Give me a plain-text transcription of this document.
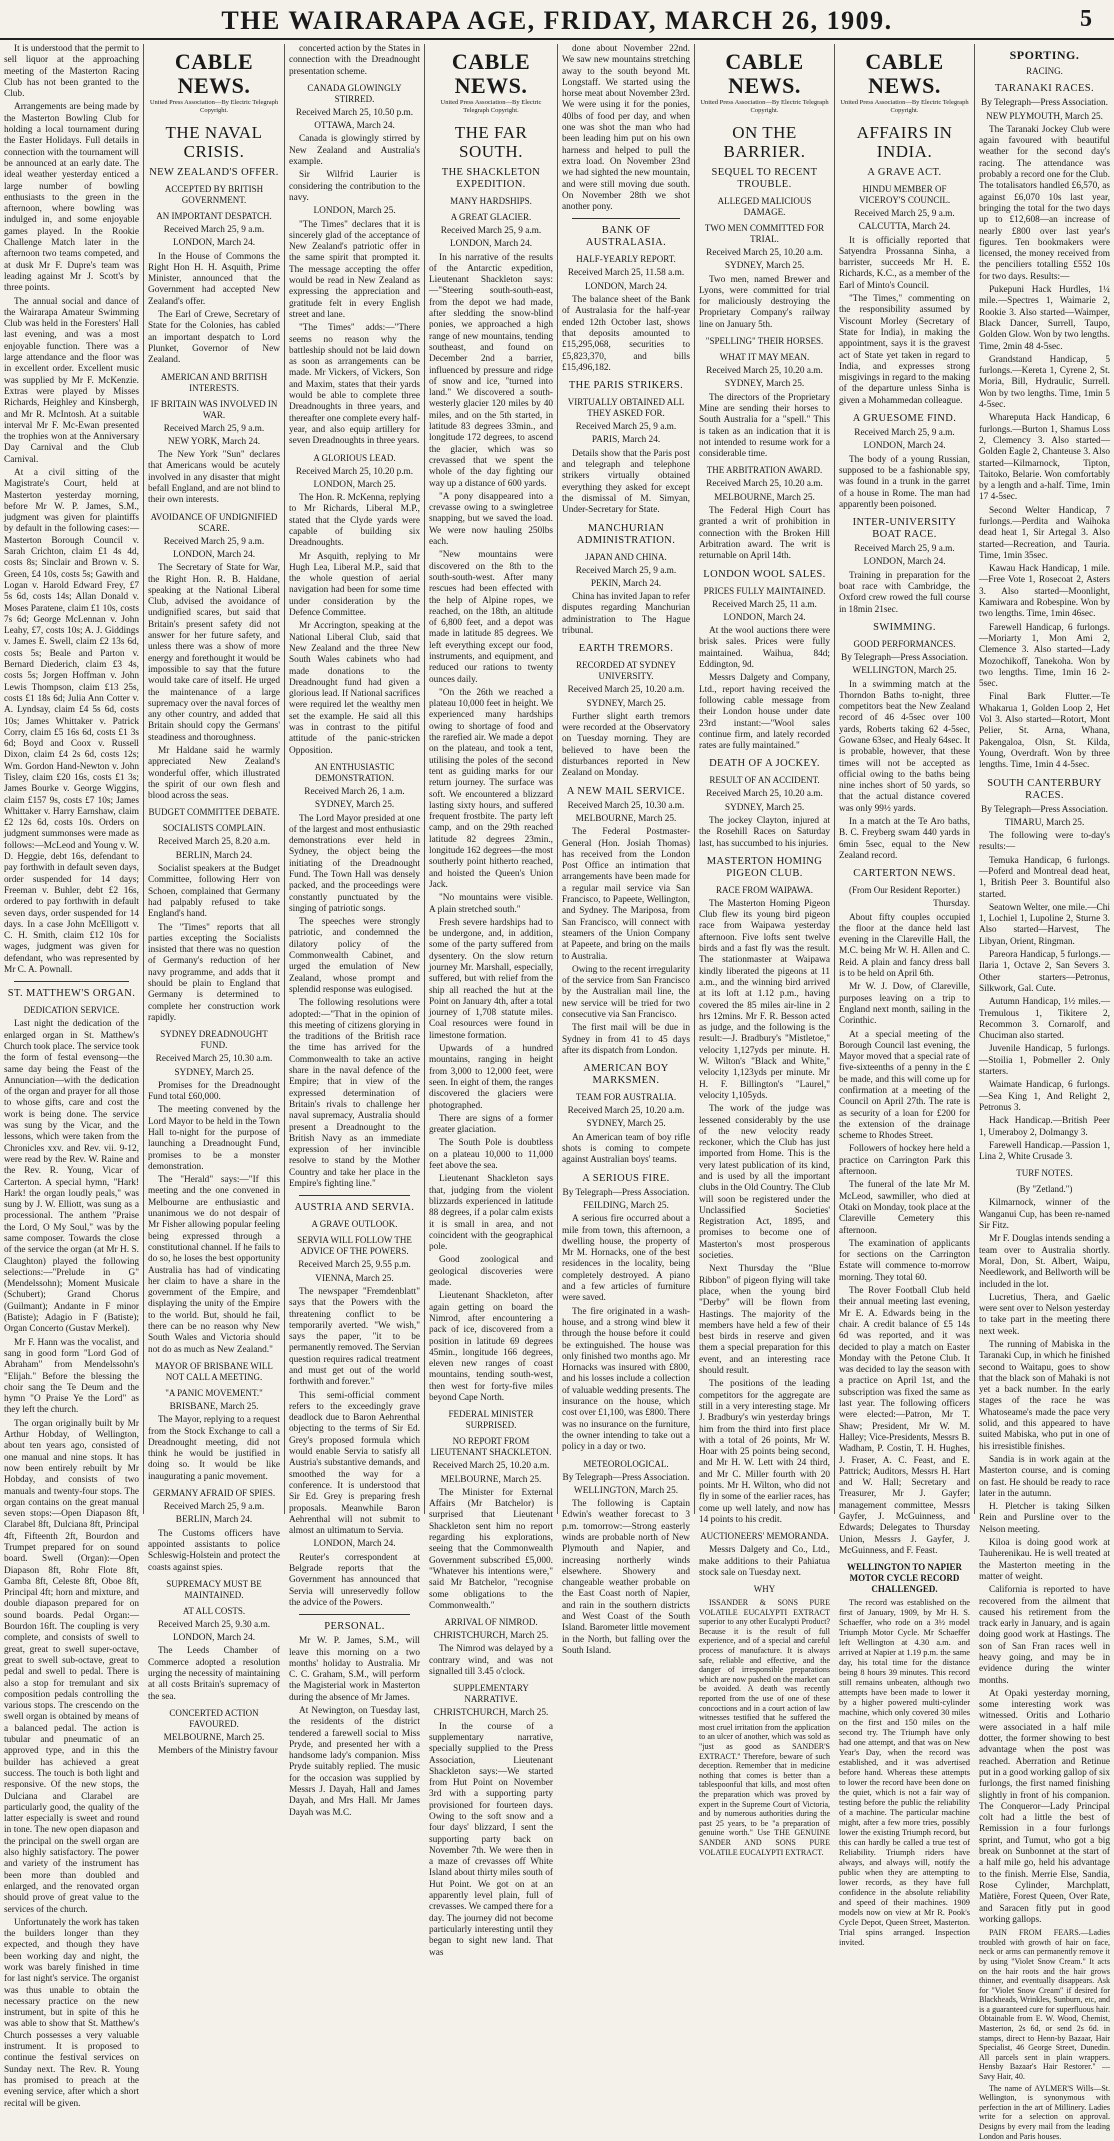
THE WAIRARAPA AGE, FRIDAY, MARCH 26, 1909.	5

It is understood that the permit to sell liquor at the approaching meeting of the Masterton Racing Club has not been granted to the Club.

Arrangements are being made by the Masterton Bowling Club for holding a local tournament during the Easter Holidays. Full details in connection with the tournament will be announced at an early date. The ideal weather yesterday enticed a large number of bowling enthusiasts to the green in the afternoon, where bowling was indulged in, and some enjoyable games played. In the Rookie Challenge Match later in the afternoon two teams competed, and at dusk Mr F. Dupre's team was leading against Mr J. Scott's by three points.

The annual social and dance of the Wairarapa Amateur Swimming Club was held in the Foresters' Hall last evening, and was a most enjoyable function. There was a large attendance and the floor was in excellent order. Excellent music was supplied by Mr F. McKenzie. Extras were played by Misses Richards, Heighley and Kinsbergh, and Mr R. McIntosh. At a suitable interval Mr F. Mc-Ewan presented the trophies won at the Anniversary Day Carnival and the Club Carnival.

At a civil sitting of the Magistrate's Court, held at Masterton yesterday morning, before Mr W. P. James, S.M., judgment was given for plaintiffs by default in the following cases:—Masterton Borough Council v. Sarah Crichton, claim £1 4s 4d, costs 8s; Sinclair and Brown v. S. Green, £4 10s, costs 5s; Gawith and Logan v. Harold Edward Frey, £7 5s 6d, costs 14s; Allan Donald v. Moses Paratene, claim £1 10s, costs 7s 6d; George McLennan v. John Leahy, £7, costs 10s; A. J. Giddings v. James E. Swell, claim £2 13s 6d, costs 5s; Beale and Parton v. Bernard Diederich, claim £3 4s, costs 5s; Jorgen Hoffman v. John Lewis Thompson, claim £13 25s, costs £1 18s 6d; Julia Ann Cotter v. A. Lyndsay, claim £4 5s 6d, costs 10s; James Whittaker v. Patrick Corry, claim £5 16s 6d, costs £1 3s 6d; Boyd and Coox v. Russell Dixon, claim £4 2s 6d, costs 12s; Wm. Gordon Hand-Newton v. John Tisley, claim £20 16s, costs £1 3s; James Bourke v. George Wiggins, claim £157 9s, costs £7 10s; James Whittaker v. Harry Earnshaw, claim £2 12s 6d, costs 10s. Orders on judgment summonses were made as follows:—McLeod and Young v. W. D. Heggie, debt 16s, defendant to pay forthwith in default seven days, order suspended for 14 days; Freeman v. Buhler, debt £2 16s, ordered to pay forthwith in default seven days, order suspended for 14 days. In a case John McElligott v. C. H. Smith, claim £12 10s for wages, judgment was given for defendant, who was represented by Mr C. A. Pownall.

ST. MATTHEW'S ORGAN.
DEDICATION SERVICE.

Last night the dedication of the enlarged organ in St. Matthew's Church took place. The service took the form of festal evensong—the same day being the Feast of the Annunciation—with the dedication of the organ and prayer for all those to whose gifts, care and cost the work is being done. The service was sung by the Vicar, and the lessons, which were taken from the Chronicles xxv. and Rev. vii. 9-12, were read by the Rev. W. Raine and the Rev. R. Young, Vicar of Carterton. A special hymn, "Hark! Hark! the organ loudly peals," was sung by J. W. Elliott, was sung as a processional. The anthem "Praise the Lord, O My Soul," was by the same composer. Towards the close of the service the organ (at Mr H. S. Claughton) played the following selections:—"Prelude in G" (Mendelssohn); Moment Musicale (Schubert); Grand Chorus (Guilmant); Andante in F minor (Batiste); Adagio in F (Batiste); Organ Concerto (Gustav Merkel).

Mr F. Hann was the vocalist, and sang in good form "Lord God of Abraham" from Mendelssohn's "Elijah." Before the blessing the choir sang the Te Deum and the hymn "O Praise Ye the Lord" as they left the church.

The organ originally built by Mr Arthur Hobday, of Wellington, about ten years ago, consisted of one manual and nine stops. It has now been entirely rebuilt by Mr Hobday, and consists of two manuals and twenty-four stops. The organ contains on the great manual seven stops:—Open Diapason 8ft, Clarabel 8ft, Dulciana 8ft, Principal 4ft, Fifteenth 2ft, Bourdon and Trumpet prepared for on sound board. Swell (Organ):—Open Diapason 8ft, Rohr Flote 8ft, Gamba 8ft, Celeste 8ft, Oboe 8ft, Principal 4ft; horn and mixture, and double diapason prepared for on sound boards. Pedal Organ:—Bourdon 16ft. The coupling is very complete, and consists of swell to great, great to swell super-octave, great to swell sub-octave, great to pedal and swell to pedal. There is also a stop for tremulant and six composition pedals controlling the various stops. The crescendo on the swell organ is obtained by means of a balanced pedal. The action is tubular and pneumatic of an approved type, and in this the builder has achieved a great success. The touch is both light and responsive. Of the new stops, the Dulciana and Clarabel are particularly good, the quality of the latter especially is sweet and round in tone. The new open diapason and the principal on the swell organ are also highly satisfactory. The power and variety of the instrument has been more than doubled and enlarged, and the renovated organ should prove of great value to the services of the church.

Unfortunately the work has taken the builders longer than they expected, and though they have been working day and night, the work was barely finished in time for last night's service. The organist was thus unable to obtain the necessary practice on the new instrument, but in spite of this he was able to show that St. Matthew's Church possesses a very valuable instrument. It is proposed to continue the festival services on Sunday next. The Rev. R. Young has promised to preach at the evening service, after which a short recital will be given.

CABLE NEWS.
United Press Association—By Electric Telegraph Copyright.
THE NAVAL CRISIS.
NEW ZEALAND'S OFFER.
ACCEPTED BY BRITISH GOVERNMENT.
AN IMPORTANT DESPATCH.

Received March 25, 9 a.m.

LONDON, March 24.

In the House of Commons the Right Hon H. H. Asquith, Prime Minister, announced that the Government had accepted New Zealand's offer.

The Earl of Crewe, Secretary of State for the Colonies, has cabled an important despatch to Lord Plunket, Governor of New Zealand.

AMERICAN AND BRITISH INTERESTS.
IF BRITAIN WAS INVOLVED IN WAR.

Received March 25, 9 a.m.

NEW YORK, March 24.

The New York "Sun" declares that Americans would be acutely involved in any disaster that might befall England, and are not blind to their own interests.

AVOIDANCE OF UNDIGNIFIED SCARE.

Received March 25, 9 a.m.

LONDON, March 24.

The Secretary of State for War, the Right Hon. R. B. Haldane, speaking at the National Liberal Club, advised the avoidance of undignified scares, but said that Britain's present safety did not answer for her future safety, and unless there was a show of more energy and forethought it would be impossible to say that the future would take care of itself. He urged the maintenance of a large supremacy over the naval forces of any other country, and added that Britain should copy the Germans' steadiness and thoroughness.

Mr Haldane said he warmly appreciated New Zealand's wonderful offer, which illustrated the spirit of our own flesh and blood across the seas.

BUDGET COMMITTEE DEBATE.
SOCIALISTS COMPLAIN.

Received March 25, 8.20 a.m.

BERLIN, March 24.

Socialist speakers at the Budget Committee, following Herr von Schoen, complained that Germany had palpably refused to take England's hand.

The "Times" reports that all parties excepting the Socialists insisted that there was no question of Germany's reduction of her navy programme, and adds that it should be plain to England that Germany is determined to complete her construction work rapidly.

SYDNEY DREADNOUGHT FUND.

Received March 25, 10.30 a.m.

SYDNEY, March 25.

Promises for the Dreadnought Fund total £60,000.

The meeting convened by the Lord Mayor to be held in the Town Hall to-night for the purpose of launching a Dreadnought Fund, promises to be a monster demonstration.

The "Herald" says:—"If this meeting and the one convened in Melbourne are enthusiastic and unanimous we do not despair of Mr Fisher allowing popular feeling being expressed through a constitutional channel. If he fails to do so, he loses the best opportunity Australia has had of vindicating her claim to have a share in the government of the Empire, and displaying the unity of the Empire to the world. But, should he fail, there can be no reason why New South Wales and Victoria should not do as much as New Zealand."

MAYOR OF BRISBANE WILL NOT CALL A MEETING.
"A PANIC MOVEMENT."

BRISBANE, March 25.

The Mayor, replying to a request from the Stock Exchange to call a Dreadnought meeting, did not think he would be justified in doing so. It would be like inaugurating a panic movement.

GERMANY AFRAID OF SPIES.

Received March 25, 9 a.m.

BERLIN, March 24.

The Customs officers have appointed assistants to police Schleswig-Holstein and protect the coasts against spies.

SUPREMACY MUST BE MAINTAINED.
AT ALL COSTS.

Received March 25, 9.30 a.m.

LONDON, March 24.

The Leeds Chamber of Commerce adopted a resolution urging the necessity of maintaining at all costs Britain's supremacy of the sea.

CONCERTED ACTION FAVOURED.

MELBOURNE, March 25.

Members of the Ministry favour

concerted action by the States in connection with the Dreadnought presentation scheme.

CANADA GLOWINGLY STIRRED.

Received March 25, 10.50 p.m.

OTTAWA, March 24.

Canada is glowingly stirred by New Zealand and Australia's example.

Sir Wilfrid Laurier is considering the contribution to the navy.

LONDON, March 25.

"The Times" declares that it is sincerely glad of the acceptance of New Zealand's patriotic offer in the same spirit that prompted it. The message accepting the offer would be read in New Zealand as expressing the appreciation and gratitude felt in every English street and lane.

"The Times" adds:—"There seems no reason why the battleship should not be laid down as soon as arrangements can be made. Mr Vickers, of Vickers, Son and Maxim, states that their yards would be able to complete three Dreadnoughts in three years, and thereafter one complete every half-year, and also equip artillery for seven Dreadnoughts in three years.

A GLORIOUS LEAD.

Received March 25, 10.20 p.m.

LONDON, March 25.

The Hon. R. McKenna, replying to Mr Richards, Liberal M.P., stated that the Clyde yards were capable of building six Dreadnoughts.

Mr Asquith, replying to Mr Hugh Lea, Liberal M.P., said that the whole question of aerial navigation had been for some time under consideration by the Defence Committee.

Mr Accrington, speaking at the National Liberal Club, said that New Zealand and the three New South Wales cabinets who had made donations to the Dreadnought fund had given a glorious lead. If National sacrifices were required let the wealthy men set the example. He said all this was in contrast to the pitiful attitude of the panic-stricken Opposition.

AN ENTHUSIASTIC DEMONSTRATION.

Received March 26, 1 a.m.

SYDNEY, March 25.

The Lord Mayor presided at one of the largest and most enthusiastic demonstrations ever held in Sydney, the object being the initiating of the Dreadnought Fund. The Town Hall was densely packed, and the proceedings were constantly punctuated by the singing of patriotic songs.

The speeches were strongly patriotic, and condemned the dilatory policy of the Commonwealth Cabinet, and urged the emulation of New Zealand, whose prompt and splendid response was eulogised.

The following resolutions were adopted:—"That in the opinion of this meeting of citizens glorying in the traditions of the British race the time has arrived for the Commonwealth to take an active share in the naval defence of the Empire; that in view of the expressed determination of Britain's rivals to challenge her naval supremacy, Australia should present a Dreadnought to the British Navy as an immediate expression of her invincible resolve to stand by the Mother Country and take her place in the Empire's fighting line."

AUSTRIA AND SERVIA.
A GRAVE OUTLOOK.
SERVIA WILL FOLLOW THE ADVICE OF THE POWERS.

Received March 25, 9.55 p.m.

VIENNA, March 25.

The newspaper "Fremdenblatt" says that the Powers with the threatening conflict to be temporarily averted. "We wish," says the paper, "it to be permanently removed. The Servian question requires radical treatment and must get out of the world forthwith and forever."

This semi-official comment refers to the exceedingly grave deadlock due to Baron Aehrenthal objecting to the terms of Sir Ed. Grey's proposed formula which would enable Servia to satisfy all Austria's substantive demands, and smoothed the way for a conference. It is understood that Sir Ed. Grey is preparing fresh proposals. Meanwhile Baron Aehrenthal will not submit to almost an ultimatum to Servia.

LONDON, March 24.

Reuter's correspondent at Belgrade reports that the Government has announced that Servia will unreservedly follow the advice of the Powers.

PERSONAL.

Mr W. P. James, S.M., will leave this morning on a two months' holiday to Australia. Mr C. C. Graham, S.M., will perform the Magisterial work in Masterton during the absence of Mr James.

At Newington, on Tuesday last, the residents of the district tendered a farewell social to Miss Pryde, and presented her with a handsome lady's companion. Miss Pryde suitably replied. The music for the occasion was supplied by Messrs J. Dayah, Hall and James Dayah, and Mrs Hall. Mr James Dayah was M.C.

CABLE NEWS.
United Press Association—By Electric Telegraph Copyright.
THE FAR SOUTH.
THE SHACKLETON EXPEDITION.
MANY HARDSHIPS.
A GREAT GLACIER.

Received March 25, 9 a.m.

LONDON, March 24.

In his narrative of the results of the Antarctic expedition, Lieutenant Shackleton says:—"Steering south-south-east, from the depot we had made, after sledding the snow-blind ponies, we approached a high range of new mountains, tending southeast, and found on December 2nd a barrier, influenced by pressure and ridge of snow and ice, "turned into land." We discovered a south-westerly glacier 120 miles by 40 miles, and on the 5th started, in latitude 83 degrees 33min., and longitude 172 degrees, to ascend the glacier, which was so crevassed that we spent the whole of the day fighting our way up a distance of 600 yards.

"A pony disappeared into a crevasse owing to a swingletree snapping, but we saved the load. We were now hauling 250lbs each.

"New mountains were discovered on the 8th to the south-south-west. After many rescues had been effected with the help of Alpine ropes, we reached, on the 18th, an altitude of 6,800 feet, and a depot was made in latitude 85 degrees. We left everything except our food, instruments, and equipment, and reduced our rations to twenty ounces daily.

"On the 26th we reached a plateau 10,000 feet in height. We experienced many hardships owing to shortage of food and the rarefied air. We made a depot on the plateau, and took a tent, utilising the poles of the second tent as guiding marks for our return journey. The surface was soft. We encountered a blizzard lasting sixty hours, and suffered frequent frostbite. The party left camp, and on the 29th reached latitude 82 degrees 23min., longitude 162 degrees—the most southerly point hitherto reached, and hoisted the Queen's Union Jack.

"No mountains were visible. A plain stretched south."

Fresh severe hardships had to be undergone, and, in addition, some of the party suffered from dysentery. On the slow return journey Mr. Marshall, especially, suffered, but with relief from the ship all reached the hut at the Point on January 4th, after a total journey of 1,708 statute miles. Coal resources were found in limestone formation.

Upwards of a hundred mountains, ranging in height from 3,000 to 12,000 feet, were seen. In eight of them, the ranges discovered the glaciers were photographed.

There are signs of a former greater glaciation.

The South Pole is doubtless on a plateau 10,000 to 11,000 feet above the sea.

Lieutenant Shackleton says that, judging from the violent blizzards experienced in latitude 88 degrees, if a polar calm exists it is small in area, and not coincident with the geographical pole.

Good zoological and geological discoveries were made.

Lieutenant Shackleton, after again getting on board the Nimrod, after encountering a pack of ice, discovered from a position in latitude 69 degrees 45min., longitude 166 degrees, eleven new ranges of coast mountains, tending south-west, then west for forty-five miles beyond Cape North.

FEDERAL MINISTER SURPRISED.
NO REPORT FROM LIEUTENANT SHACKLETON.

Received March 25, 10.20 a.m.

MELBOURNE, March 25.

The Minister for External Affairs (Mr Batchelor) is surprised that Lieutenant Shackleton sent him no report regarding his explorations, seeing that the Commonwealth Government subscribed £5,000. "Whatever his intentions were," said Mr Batchelor, "recognise some obligations to the Commonwealth."

ARRIVAL OF NIMROD.

CHRISTCHURCH, March 25.

The Nimrod was delayed by a contrary wind, and was not signalled till 3.45 o'clock.

SUPPLEMENTARY NARRATIVE.

CHRISTCHURCH, March 25.

In the course of a supplementary narrative, specially supplied to the Press Association, Lieutenant Shackleton says:—We started from Hut Point on November 3rd with a supporting party provisioned for fourteen days. Owing to the soft snow and a four days' blizzard, I sent the supporting party back on November 7th. We were then in a maze of crevasses off White Island about thirty miles south of Hut Point. We got on at an apparently level plain, full of crevasses. We camped there for a day. The journey did not become particularly interesting until they began to sight new land. That was

done about November 22nd. We saw new mountains stretching away to the south beyond Mt. Longstaff. We started using the horse meat about November 23rd. We were using it for the ponies, 40lbs of food per day, and when one was shot the man who had been leading him put on his own harness and helped to pull the extra load. On November 23nd we had sighted the new mountain, and were still moving due south. On November 28th we shot another pony.

BANK OF AUSTRALASIA.
HALF-YEARLY REPORT.

Received March 25, 11.58 a.m.

LONDON, March 24.

The balance sheet of the Bank of Australasia for the half-year ended 12th October last, shows that deposits amounted to £15,295,068, securities to £5,823,370, and bills £15,496,182.

THE PARIS STRIKERS.
VIRTUALLY OBTAINED ALL THEY ASKED FOR.

Received March 25, 9 a.m.

PARIS, March 24.

Details show that the Paris post and telegraph and telephone strikers virtually obtained everything they asked for except the dismissal of M. Simyan, Under-Secretary for State.

MANCHURIAN ADMINISTRATION.
JAPAN AND CHINA.

Received March 25, 9 a.m.

PEKIN, March 24.

China has invited Japan to refer disputes regarding Manchurian administration to The Hague tribunal.

EARTH TREMORS.
RECORDED AT SYDNEY UNIVERSITY.

Received March 25, 10.20 a.m.

SYDNEY, March 25.

Further slight earth tremors were recorded at the Observatory on Tuesday morning. They are believed to have been the disturbances reported in New Zealand on Monday.

A NEW MAIL SERVICE.

Received March 25, 10.30 a.m.

MELBOURNE, March 25.

The Federal Postmaster-General (Hon. Josiah Thomas) has received from the London Post Office an intimation that arrangements have been made for a regular mail service via San Francisco, to Papeete, Wellington, and Sydney. The Mariposa, from San Francisco, will connect with steamers of the Union Company at Papeete, and bring on the mails to Australia.

Owing to the recent irregularity of the service from San Francisco by the Australian mail line, the new service will be tried for two consecutive via San Francisco.

The first mail will be due in Sydney in from 41 to 45 days after its dispatch from London.

AMERICAN BOY MARKSMEN.
TEAM FOR AUSTRALIA.

Received March 25, 10.20 a.m.

SYDNEY, March 25.

An American team of boy rifle shots is coming to compete against Australian boys' teams.

A SERIOUS FIRE.

By Telegraph—Press Association.

FEILDING, March 25.

A serious fire occurred about a mile from town, this afternoon, a dwelling house, the property of Mr M. Hornacks, one of the best residences in the locality, being completely destroyed. A piano and a few articles of furniture were saved.

The fire originated in a wash-house, and a strong wind blew it through the house before it could be extinguished. The house was only finished two months ago. Mr Hornacks was insured with £800, and his losses include a collection of valuable wedding presents. The insurance on the house, which cost over £1,100, was £800. There was no insurance on the furniture, the owner intending to take out a policy in a day or two.

METEOROLOGICAL.

By Telegraph—Press Association.

WELLINGTON, March 25.

The following is Captain Edwin's weather forecast to 3 p.m. tomorrow:—Strong easterly winds are probable north of New Plymouth and Napier, and increasing northerly winds elsewhere. Showery and changeable weather probable on the East Coast north of Napier, and rain in the southern districts and West Coast of the South Island. Barometer little movement in the North, but falling over the South Island.

CABLE NEWS.
United Press Association—By Electric Telegraph Copyright.
ON THE BARRIER.
SEQUEL TO RECENT TROUBLE.
ALLEGED MALICIOUS DAMAGE.
TWO MEN COMMITTED FOR TRIAL.

Received March 25, 10.20 a.m.

SYDNEY, March 25.

Two men, named Brewer and Lyons, were committed for trial for maliciously destroying the Proprietary Company's railway line on January 5th.

"SPELLING" THEIR HORSES.
WHAT IT MAY MEAN.

Received March 25, 10.20 a.m.

SYDNEY, March 25.

The directors of the Proprietary Mine are sending their horses to South Australia for a "spell." This is taken as an indication that it is not intended to resume work for a considerable time.

THE ARBITRATION AWARD.

Received March 25, 10.20 a.m.

MELBOURNE, March 25.

The Federal High Court has granted a writ of prohibition in connection with the Broken Hill Arbitration award. The writ is returnable on April 14th.

LONDON WOOL SALES.
PRICES FULLY MAINTAINED.

Received March 25, 11 a.m.

LONDON, March 24.

At the wool auctions there were brisk sales. Prices were fully maintained. Waihua, 84d; Eddington, 9d.

Messrs Dalgety and Company, Ltd., report having received the following cable message from their London house under date 23rd instant:—"Wool sales continue firm, and lately recorded rates are fully maintained."

DEATH OF A JOCKEY.
RESULT OF AN ACCIDENT.

Received March 25, 10.20 a.m.

SYDNEY, March 25.

The jockey Clayton, injured at the Rosehill Races on Saturday last, has succumbed to his injuries.

MASTERTON HOMING PIGEON CLUB.
RACE FROM WAIPAWA.

The Masterton Homing Pigeon Club flew its young bird pigeon race from Waipawa yesterday afternoon. Five lofts sent twelve birds and a fast fly was the result. The stationmaster at Waipawa kindly liberated the pigeons at 11 a.m., and the winning bird arrived at its loft at 1.12 p.m., having covered the 85 miles air-line in 2 hrs 12mins. Mr F. R. Besson acted as judge, and the following is the result:—J. Bradbury's "Mistletoe," velocity 1,127yds per minute. H. W. Wilton's "Black and White," velocity 1,123yds per minute. Mr H. F. Billington's "Laurel," velocity 1,105yds.

The work of the judge was lessened considerably by the use of the new velocity ready reckoner, which the Club has just imported from Home. This is the very latest publication of its kind, and is used by all the important clubs in the Old Country. The Club will soon be registered under the Unclassified Societies' Registration Act, 1895, and promises to become one of Masterton's most prosperous societies.

Next Thursday the "Blue Ribbon" of pigeon flying will take place, when the young bird "Derby" will be flown from Hastings. The majority of the members have held a few of their best birds in reserve and given them a special preparation for this event, and an interesting race should result.

The positions of the leading competitors for the aggregate are still in a very interesting stage. Mr J. Bradbury's win yesterday brings him from the third into first place with a total of 26 points, Mr W. Hoar with 25 points being second, and Mr H. W. Lett with 24 third, and Mr C. Miller fourth with 20 points. Mr H. Wilton, who did not fly in some of the earlier races, has come up well lately, and now has 14 points to his credit.

AUCTIONEERS' MEMORANDA.

Messrs Dalgety and Co., Ltd., make additions to their Pahiatua stock sale on Tuesday next.

WHY

ISSANDER & SONS PURE VOLATILE EUCALYPTI EXTRACT superior to any other Eucalypti Product? Because it is the result of full experience, and of a special and careful process of manufacture. It is always safe, reliable and effective, and the danger of irresponsible preparations which are now pushed on the market can be avoided. A death was recently reported from the use of one of these concoctions and in a court action of law witnesses testified that he suffered the most cruel irritation from the application to an ulcer of another, which was sold as "just as good as SANDER'S EXTRACT." Therefore, beware of such deception. Remember that in medicine nothing that comes is better than a tablespoonful that kills, and most often the preparation which was proved by expert in the Supreme Court of Victoria, and by numerous authorities during the past 25 years, to be "a preparation of genuine worth." Use THE GENUINE SANDER AND SONS PURE VOLATILE EUCALYPTI EXTRACT.

CABLE NEWS.
United Press Association—By Electric Telegraph Copyright.
AFFAIRS IN INDIA.
A GRAVE ACT.
HINDU MEMBER OF VICEROY'S COUNCIL.

Received March 25, 9 a.m.

CALCUTTA, March 24.

It is officially reported that Satyendra Prossanna Sinha, a barrister, succeeds Mr H. E. Richards, K.C., as a member of the Earl of Minto's Council.

"The Times," commenting on the responsibility assumed by Viscount Morley (Secretary of State for India), in making the appointment, says it is the gravest act of State yet taken in regard to India, and expresses strong misgivings in regard to the making of the departure unless Sinha is given a Mohammedan colleague.

A GRUESOME FIND.

Received March 25, 9 a.m.

LONDON, March 24.

The body of a young Russian, supposed to be a fashionable spy, was found in a trunk in the garret of a house in Rome. The man had apparently been poisoned.

INTER-UNIVERSITY BOAT RACE.

Received March 25, 9 a.m.

LONDON, March 24.

Training in preparation for the boat race with Cambridge, the Oxford crew rowed the full course in 18min 21sec.

SWIMMING.
GOOD PERFORMANCES.

By Telegraph—Press Association.

WELLINGTON, March 25.

In a swimming match at the Thorndon Baths to-night, three competitors beat the New Zealand record of 46 4-5sec over 100 yards, Roberts taking 62 4-5sec, Gowane 63sec, and Healy 64sec. It is probable, however, that these times will not be accepted as official owing to the baths being nine inches short of 50 yards, so that the actual distance covered was only 99½ yards.

In a match at the Te Aro baths, B. C. Freyberg swam 440 yards in 6min 5sec, equal to the New Zealand record.

CARTERTON NEWS.
(From Our Resident Reporter.)

Thursday.

About fifty couples occupied the floor at the dance held last evening in the Clareville Hall, the M.C. being Mr W. H. Allen and C. Reid. A plain and fancy dress ball is to be held on April 6th.

Mr W. J. Dow, of Clareville, purposes leaving on a trip to England next month, sailing in the Corinthic.

At a special meeting of the Borough Council last evening, the Mayor moved that a special rate of five-sixteenths of a penny in the £ be made, and this will come up for confirmation at a meeting of the Council on April 27th. The rate is as security of a loan for £200 for the extension of the drainage scheme to Rhodes Street.

Followers of hockey here held a practice on Carrington Park this afternoon.

The funeral of the late Mr M. McLeod, sawmiller, who died at Otaki on Monday, took place at the Clareville Cemetery this afternoon.

The examination of applicants for sections on the Carrington Estate will commence to-morrow morning. They total 60.

The Rover Football Club held their annual meeting last evening, Mr E. A. Edwards being in the chair. A credit balance of £5 14s 6d was reported, and it was decided to play a match on Easter Monday with the Petone Club. It was decided to lay the season with a practice on April 1st, and the subscription was fixed the same as last year. The following officers were elected:—Patron, Mr T. Shaw; President, Mr W. M. Halley; Vice-Presidents, Messrs B. Wadham, P. Costin, T. H. Hughes, J. Fraser, A. C. Feast, and E. Pattrick; Auditors, Messrs H. Hart and W. Hall; Secretary and Treasurer, Mr J. Gayfer; management committee, Messrs Gayfer, J. McGuinness, and Edwards; Delegates to Thursday Union, Messrs J. Gayfer, J. McGuinness, and F. Feast.

WELLINGTON TO NAPIER MOTOR CYCLE RECORD CHALLENGED.

The record was established on the first of January, 1909, by Mr H. S. Schaeffer, who rode on a 3½ model Triumph Motor Cycle. Mr Schaeffer left Wellington at 4.30 a.m. and arrived at Napier at 1.19 p.m. the same day, his total time for the distance being 8 hours 39 minutes. This record still remains unbeaten, although two attempts have been made to lower it by a higher powered multi-cylinder machine, which only covered 30 miles on the first and 150 miles on the second try. The Triumph have only had one attempt, and that was on New Year's Day, when the record was established, and it was advertised before hand. Whereas these attempts to lower the record have been done on the quiet, which is not a fair way of testing before the public the reliability of a machine. The particular machine might, after a few more tries, possibly lower the existing Triumph record, but this can hardly be called a true test of Reliability. Triumph riders have always, and always will, notify the public when they are attempting to lower records, as they have full confidence in the absolute reliability and speed of their machines. 1909 models now on view at Mr R. Pook's Cycle Depot, Queen Street, Masterton. Trial spins arranged. Inspection invited.

SPORTING.
RACING.
TARANAKI RACES.

By Telegraph—Press Association.

NEW PLYMOUTH, March 25.

The Taranaki Jockey Club were again favoured with beautiful weather for the second day's racing. The attendance was probably a record one for the Club. The totalisators handled £6,570, as against £6,070 10s last year, bringing the total for the two days up to £12,608—an increase of nearly £800 over last year's figures. Ten bookmakers were licensed, the money received from the penciliers totalling £552 10s for two days. Results:—

Pukepuni Hack Hurdles, 1¼ mile.—Spectres 1, Waimarie 2, Rookie 3. Also started—Waimper, Black Dancer, Surrell, Taupo, Golden Glow. Won by two lengths. Time, 2min 48 4-5sec.

Grandstand Handicap, 5 furlongs.—Kereta 1, Cyrene 2, St. Moria, Bill, Hydraulic, Surrell. Won by two lengths. Time, 1min 5 4-5sec.

Whareputa Hack Handicap, 6 furlongs.—Burton 1, Shamus Loss 2, Clemency 3. Also started—Golden Eagle 2, Chanteuse 3. Also started—Kilmarnock, Tipton, Taitoko, Belarie. Won comfortably by a length and a-half. Time, 1min 17 4-5sec.

Second Welter Handicap, 7 furlongs.—Perdita and Waihoka dead heat 1, Sir Artegal 3. Also started—Recreation, and Tauria. Time, 1min 35sec.

Kawau Hack Handicap, 1 mile.—Free Vote 1, Rosecoat 2, Asters 3. Also started—Moonlight, Kamiwara and Robespine. Won by two lengths. Time, 1min 46sec.

Farewell Handicap, 6 furlongs.—Moriarty 1, Mon Ami 2, Clemence 3. Also started—Lady Mozochikoff, Tanekoha. Won by two lengths. Time, 1min 16 2-5sec.

Final Bark Flutter.—Te Whakarua 1, Golden Loop 2, Het Vol 3. Also started—Rotort, Mont Pelier, St. Arna, Whana, Pakengaloa, Olsn, St. Kilda, Young, Overdraft. Won by three lengths. Time, 1min 4 4-5sec.

SOUTH CANTERBURY RACES.

By Telegraph—Press Association.

TIMARU, March 25.

The following were to-day's results:—

Temuka Handicap, 6 furlongs.—Poferd and Montreal dead heat, 1, British Peer 3. Bountiful also started.

Seatown Welter, one mile.—Chi 1, Lochiel 1, Lupoline 2, Sturne 3. Also started—Harvest, The Libyan, Orient, Ringman.

Pareora Handicap, 5 furlongs.—Ilaria 1, Octave 2, San Severs 3. Other starters—Petronus, Silkwork, Gal. Cute.

Autumn Handicap, 1½ miles.—Tremulous 1, Tikitere 2, Recommon 3. Cornarolf, and Chuciman also started.

Juvenile Handicap, 5 furlongs.—Stoilia 1, Pobmeller 2. Only starters.

Waimate Handicap, 6 furlongs.—Sea King 1, And Relight 2, Petronus 3.

Hack Handicap.—British Peer 1, Umeraboy 2, Dolmangy 3.

Farewell Handicap.—Passion 1, Lina 2, White Crusade 3.

TURF NOTES.
(By "Zetland.")

Kilmarnock, winner of the Wanganui Cup, has been re-named Sir Fitz.

Mr F. Douglas intends sending a team over to Australia shortly. Moral, Don, St. Albert, Waipu, Needlework, and Bellworth will be included in the lot.

Lucretius, Thera, and Gaelic were sent over to Nelson yesterday to take part in the meeting there next week.

The running of Mabiska in the Taranaki Cup, in which he finished second to Waitapu, goes to show that the black son of Mahaki is not yet a back number. In the early stages of the race he was Whatoseame's made the pace very solid, and this appeared to have suited Mabiska, who put in one of his irresistible finishes.

Sandia is in work again at the Masterton course, and is coming on fast. He should be ready to race later in the autumn.

H. Pletcher is taking Silken Rein and Pursline over to the Nelson meeting.

Kiloa is doing good work at Tauherenikau. He is well treated at the Masterton meeting in the matter of weight.

California is reported to have recovered from the ailment that caused his retirement from the track early in January, and is again doing good work at Hastings. The son of San Fran races well in heavy going, and may be in evidence during the winter months.

At Opaki yesterday morning, some interesting work was witnessed. Oritis and Lothario were associated in a half mile dotter, the former showing to best advantage when the post was reached. Aberration and Retinue put in a good working gallop of six furlongs, the first named finishing slightly in front of his companion. The Conqueror—Lady Principal colt had a little the best of Remission in a four furlongs sprint, and Tumut, who got a big break on Sunbonnet at the start of a half mile go, held his advantage to the finish. Merrie Else, Sandia, Rose Cylinder, Marchplatt, Matière, Forest Queen, Over Rate, and Saracen fitly put in good working gallops.

PAIN FROM FEARS.—Ladies troubled with growth of hair on face, neck or arms can permanently remove it by using "Violet Snow Cream." It acts on the hair roots and the hair grows thinner, and eventually disappears. Ask for "Violet Snow Cream" if desired for Blackheads, Wrinkles, Sunburn, etc, and is a guaranteed cure for superfluous hair. Obtainable from E. W. Wood, Chemist, Masterton, 2s 6d, or send 2s 6d. in stamps, direct to Henn-by Bazaar, Hair Specialist, 46 George Street, Dunedin. All parcels sent in plain wrappers. Hensby Bazaar's Hair Restorer." — Savy Hair, 40.

The name of AYLMER'S Wills—St. Wellington, is synonymous with perfection in the art of Millinery. Ladies write for a selection on approval. Designs by every mail from the leading London and Paris houses.
